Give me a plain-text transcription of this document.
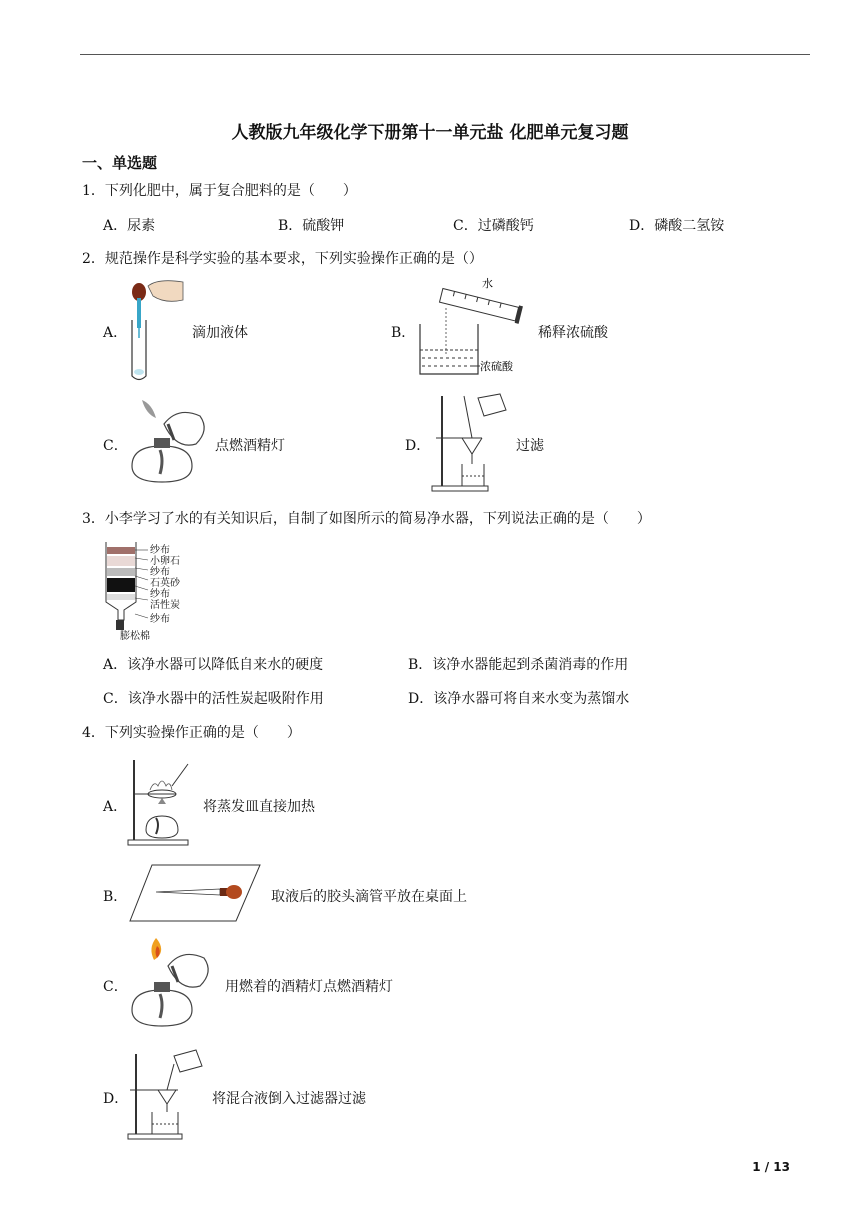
人教版九年级化学下册第十一单元盐 化肥单元复习题
一、单选题
1．下列化肥中，属于复合肥料的是（　　）
A．尿素	B．硫酸钾	C．过磷酸钙	D．磷酸二氢铵
2．规范操作是科学实验的基本要求，下列实验操作正确的是（）
A．	滴加液体	B．
水
浓硫酸
稀释浓硫酸
C．	点燃酒精灯	D．	过滤
3．小李学习了水的有关知识后，自制了如图所示的简易净水器，下列说法正确的是（　　）
纱布
小卵石
纱布
石英砂
纱布
活性炭
纱布
膨松棉
A．该净水器可以降低自来水的硬度	B．该净水器能起到杀菌消毒的作用
C．该净水器中的活性炭起吸附作用	D．该净水器可将自来水变为蒸馏水
4．下列实验操作正确的是（　　）
A．	将蒸发皿直接加热
B．	取液后的胶头滴管平放在桌面上
C．	用燃着的酒精灯点燃酒精灯
D．	将混合液倒入过滤器过滤
1 / 13
